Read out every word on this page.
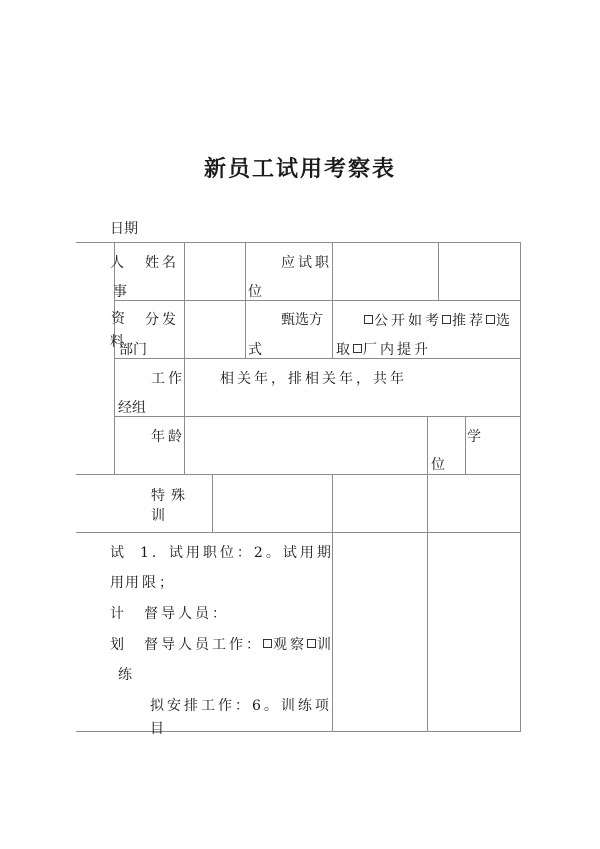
新员工试用考察表
日期
人
事
姓名	应试职
位
资
料
分发
部门
甄选方
式
公开如考 推荐 选
取 厂内提升
工作
经组
相关年，排相关年，共年
年龄	学
位
特殊
训
试
用
计
划
1．试用职位：2。试用期
用限；
督导人员：
督导人员工作： 观察 训
练
拟安排工作：6。训练项
目
